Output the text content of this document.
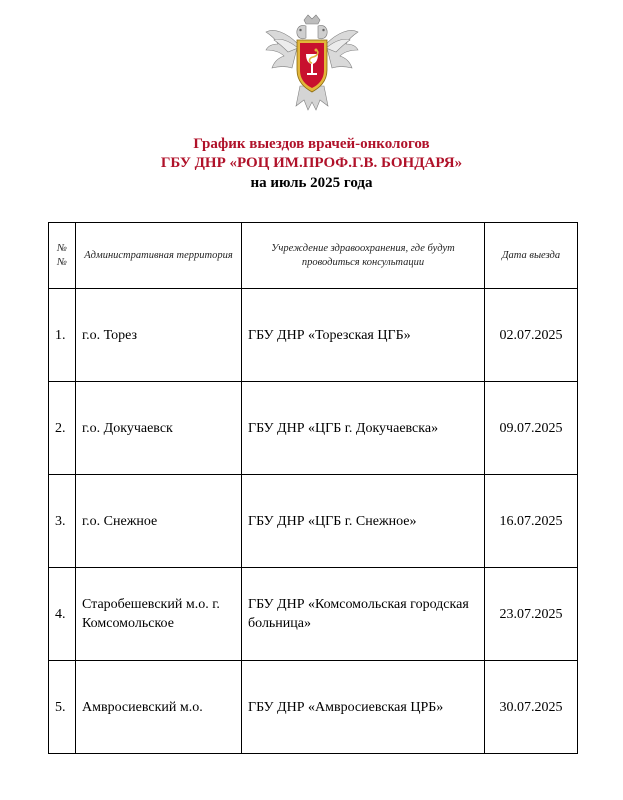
График выездов врачей-онкологов
ГБУ ДНР «РОЦ ИМ.ПРОФ.Г.В. БОНДАРЯ»
на июль 2025 года
№ №	Административная территория	Учреждение здравоохранения, где будут проводиться консультации	Дата выезда
1.	г.о. Торез	ГБУ ДНР «Торезская ЦГБ»	02.07.2025
2.	г.о. Докучаевск	ГБУ ДНР «ЦГБ г. Докучаевска»	09.07.2025
3.	г.о. Снежное	ГБУ ДНР «ЦГБ г. Снежное»	16.07.2025
4.	Старобешевский м.о. г. Комсомольское	ГБУ ДНР «Комсомольская городская больница»	23.07.2025
5.	Амвросиевский м.о.	ГБУ ДНР «Амвросиевская ЦРБ»	30.07.2025
